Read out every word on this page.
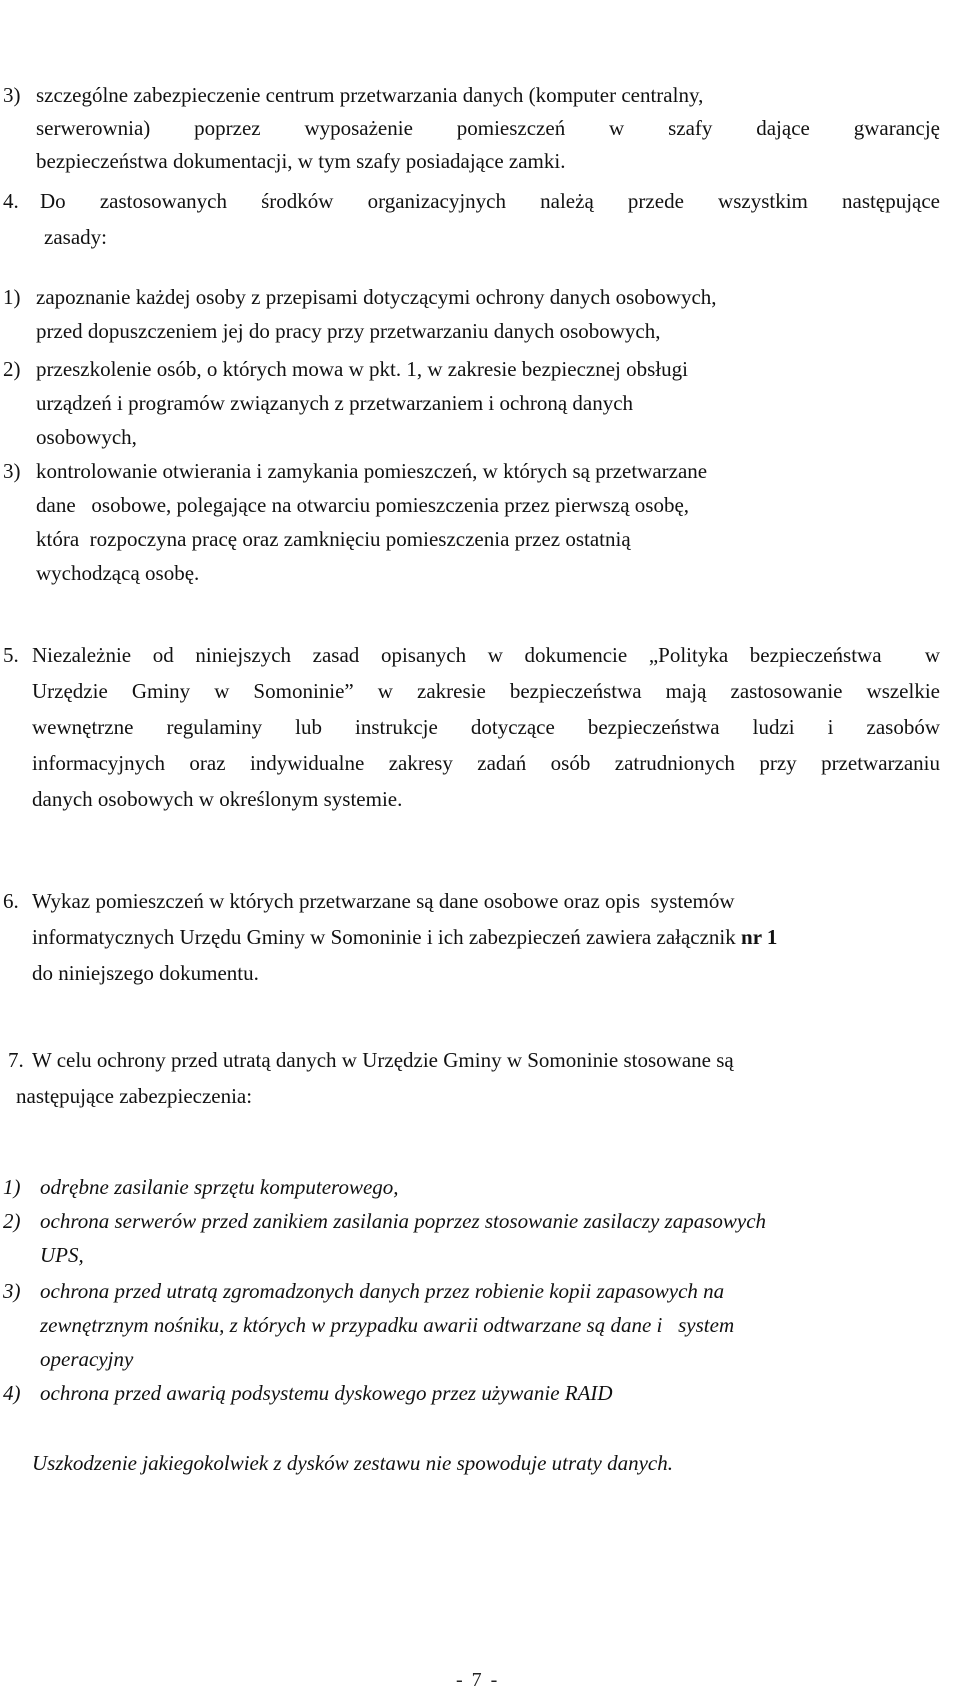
3) szczególne zabezpieczenie centrum przetwarzania danych (komputer centralny,
serwerownia) poprzez wyposażenie pomieszczeń w szafy dające gwarancję
bezpieczeństwa dokumentacji, w tym szafy posiadające zamki.
4. Do zastosowanych środków organizacyjnych należą przede wszystkim następujące
zasady:
1) zapoznanie każdej osoby z przepisami dotyczącymi ochrony danych osobowych,
przed dopuszczeniem jej do pracy przy przetwarzaniu danych osobowych,
2) przeszkolenie osób, o których mowa w pkt. 1, w zakresie bezpiecznej obsługi
urządzeń i programów związanych z przetwarzaniem i ochroną danych
osobowych,
3) kontrolowanie otwierania i zamykania pomieszczeń, w których są przetwarzane
dane   osobowe, polegające na otwarciu pomieszczenia przez pierwszą osobę,
która  rozpoczyna pracę oraz zamknięciu pomieszczenia przez ostatnią
wychodzącą osobę.
5. Niezależnie od niniejszych zasad opisanych w dokumencie „Polityka bezpieczeństwa  w
Urzędzie Gminy w Somoninie” w zakresie bezpieczeństwa mają zastosowanie wszelkie
wewnętrzne regulaminy lub instrukcje dotyczące bezpieczeństwa ludzi i zasobów
informacyjnych oraz indywidualne zakresy zadań osób zatrudnionych przy przetwarzaniu
danych osobowych w określonym systemie.
6. Wykaz pomieszczeń w których przetwarzane są dane osobowe oraz opis  systemów
informatycznych Urzędu Gminy w Somoninie i ich zabezpieczeń zawiera załącznik nr 1
do niniejszego dokumentu.
7. W celu ochrony przed utratą danych w Urzędzie Gminy w Somoninie stosowane są
następujące zabezpieczenia:
1) odrębne zasilanie sprzętu komputerowego,
2) ochrona serwerów przed zanikiem zasilania poprzez stosowanie zasilaczy zapasowych
UPS,
3) ochrona przed utratą zgromadzonych danych przez robienie kopii zapasowych na
zewnętrznym nośniku, z których w przypadku awarii odtwarzane są dane i   system
operacyjny
4) ochrona przed awarią podsystemu dyskowego przez używanie RAID
Uszkodzenie jakiegokolwiek z dysków zestawu nie spowoduje utraty danych.
- 7 -
